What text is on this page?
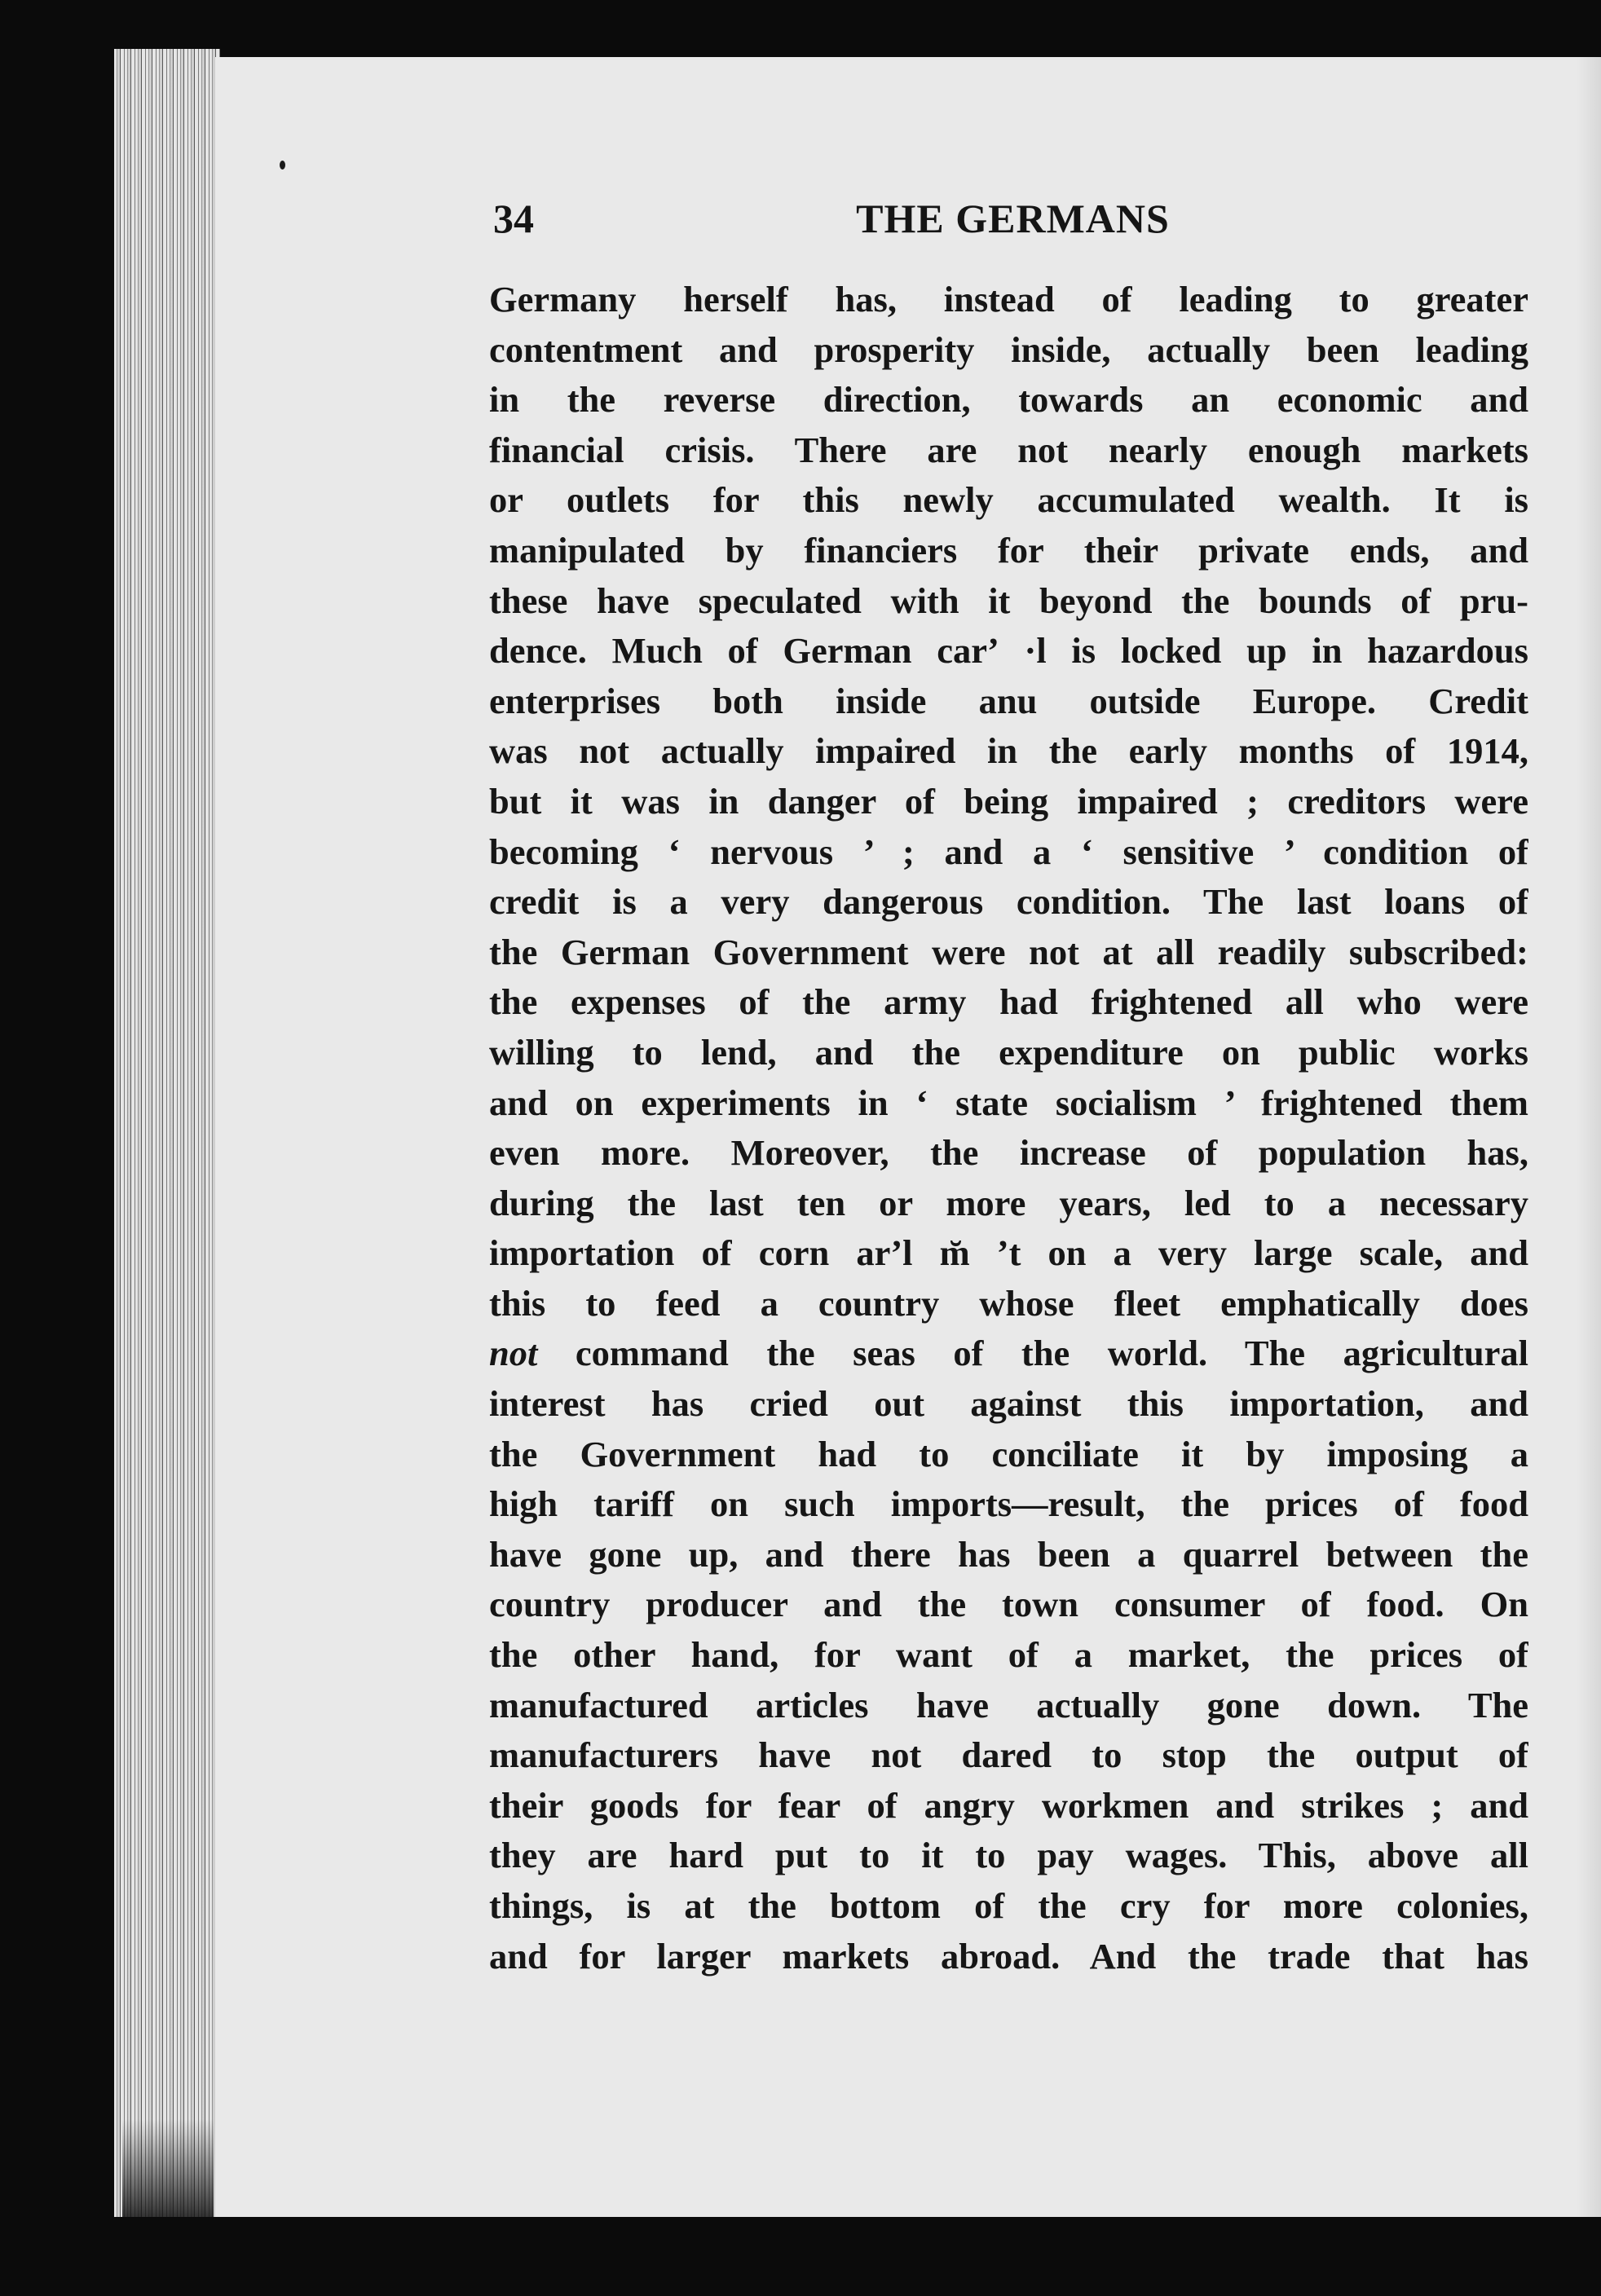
34	THE GERMANS
Germany herself has, instead of leading to greater
contentment and prosperity inside, actually been leading
in the reverse direction, towards an economic and
financial crisis. There are not nearly enough markets
or outlets for this newly accumulated wealth. It is
manipulated by financiers for their private ends, and
these have speculated with it beyond the bounds of pru-
dence. Much of German carʼ ·l is locked up in hazardous
enterprises both inside anu outside Europe. Credit
was not actually impaired in the early months of 1914,
but it was in danger of being impaired ; creditors were
becoming ‘ nervous ’ ; and a ‘ sensitive ’ condition of
credit is a very dangerous condition. The last loans of
the German Government were not at all readily subscribed:
the expenses of the army had frightened all who were
willing to lend, and the expenditure on public works
and on experiments in ‘ state socialism ’ frightened them
even more. Moreover, the increase of population has,
during the last ten or more years, led to a necessary
importation of corn arʼl m̆ ʼt on a very large scale, and
this to feed a country whose fleet emphatically does
not command the seas of the world. The agricultural
interest has cried out against this importation, and
the Government had to conciliate it by imposing a
high tariff on such imports—result, the prices of food
have gone up, and there has been a quarrel between the
country producer and the town consumer of food. On
the other hand, for want of a market, the prices of
manufactured articles have actually gone down. The
manufacturers have not dared to stop the output of
their goods for fear of angry workmen and strikes ; and
they are hard put to it to pay wages. This, above all
things, is at the bottom of the cry for more colonies,
and for larger markets abroad. And the trade that has
